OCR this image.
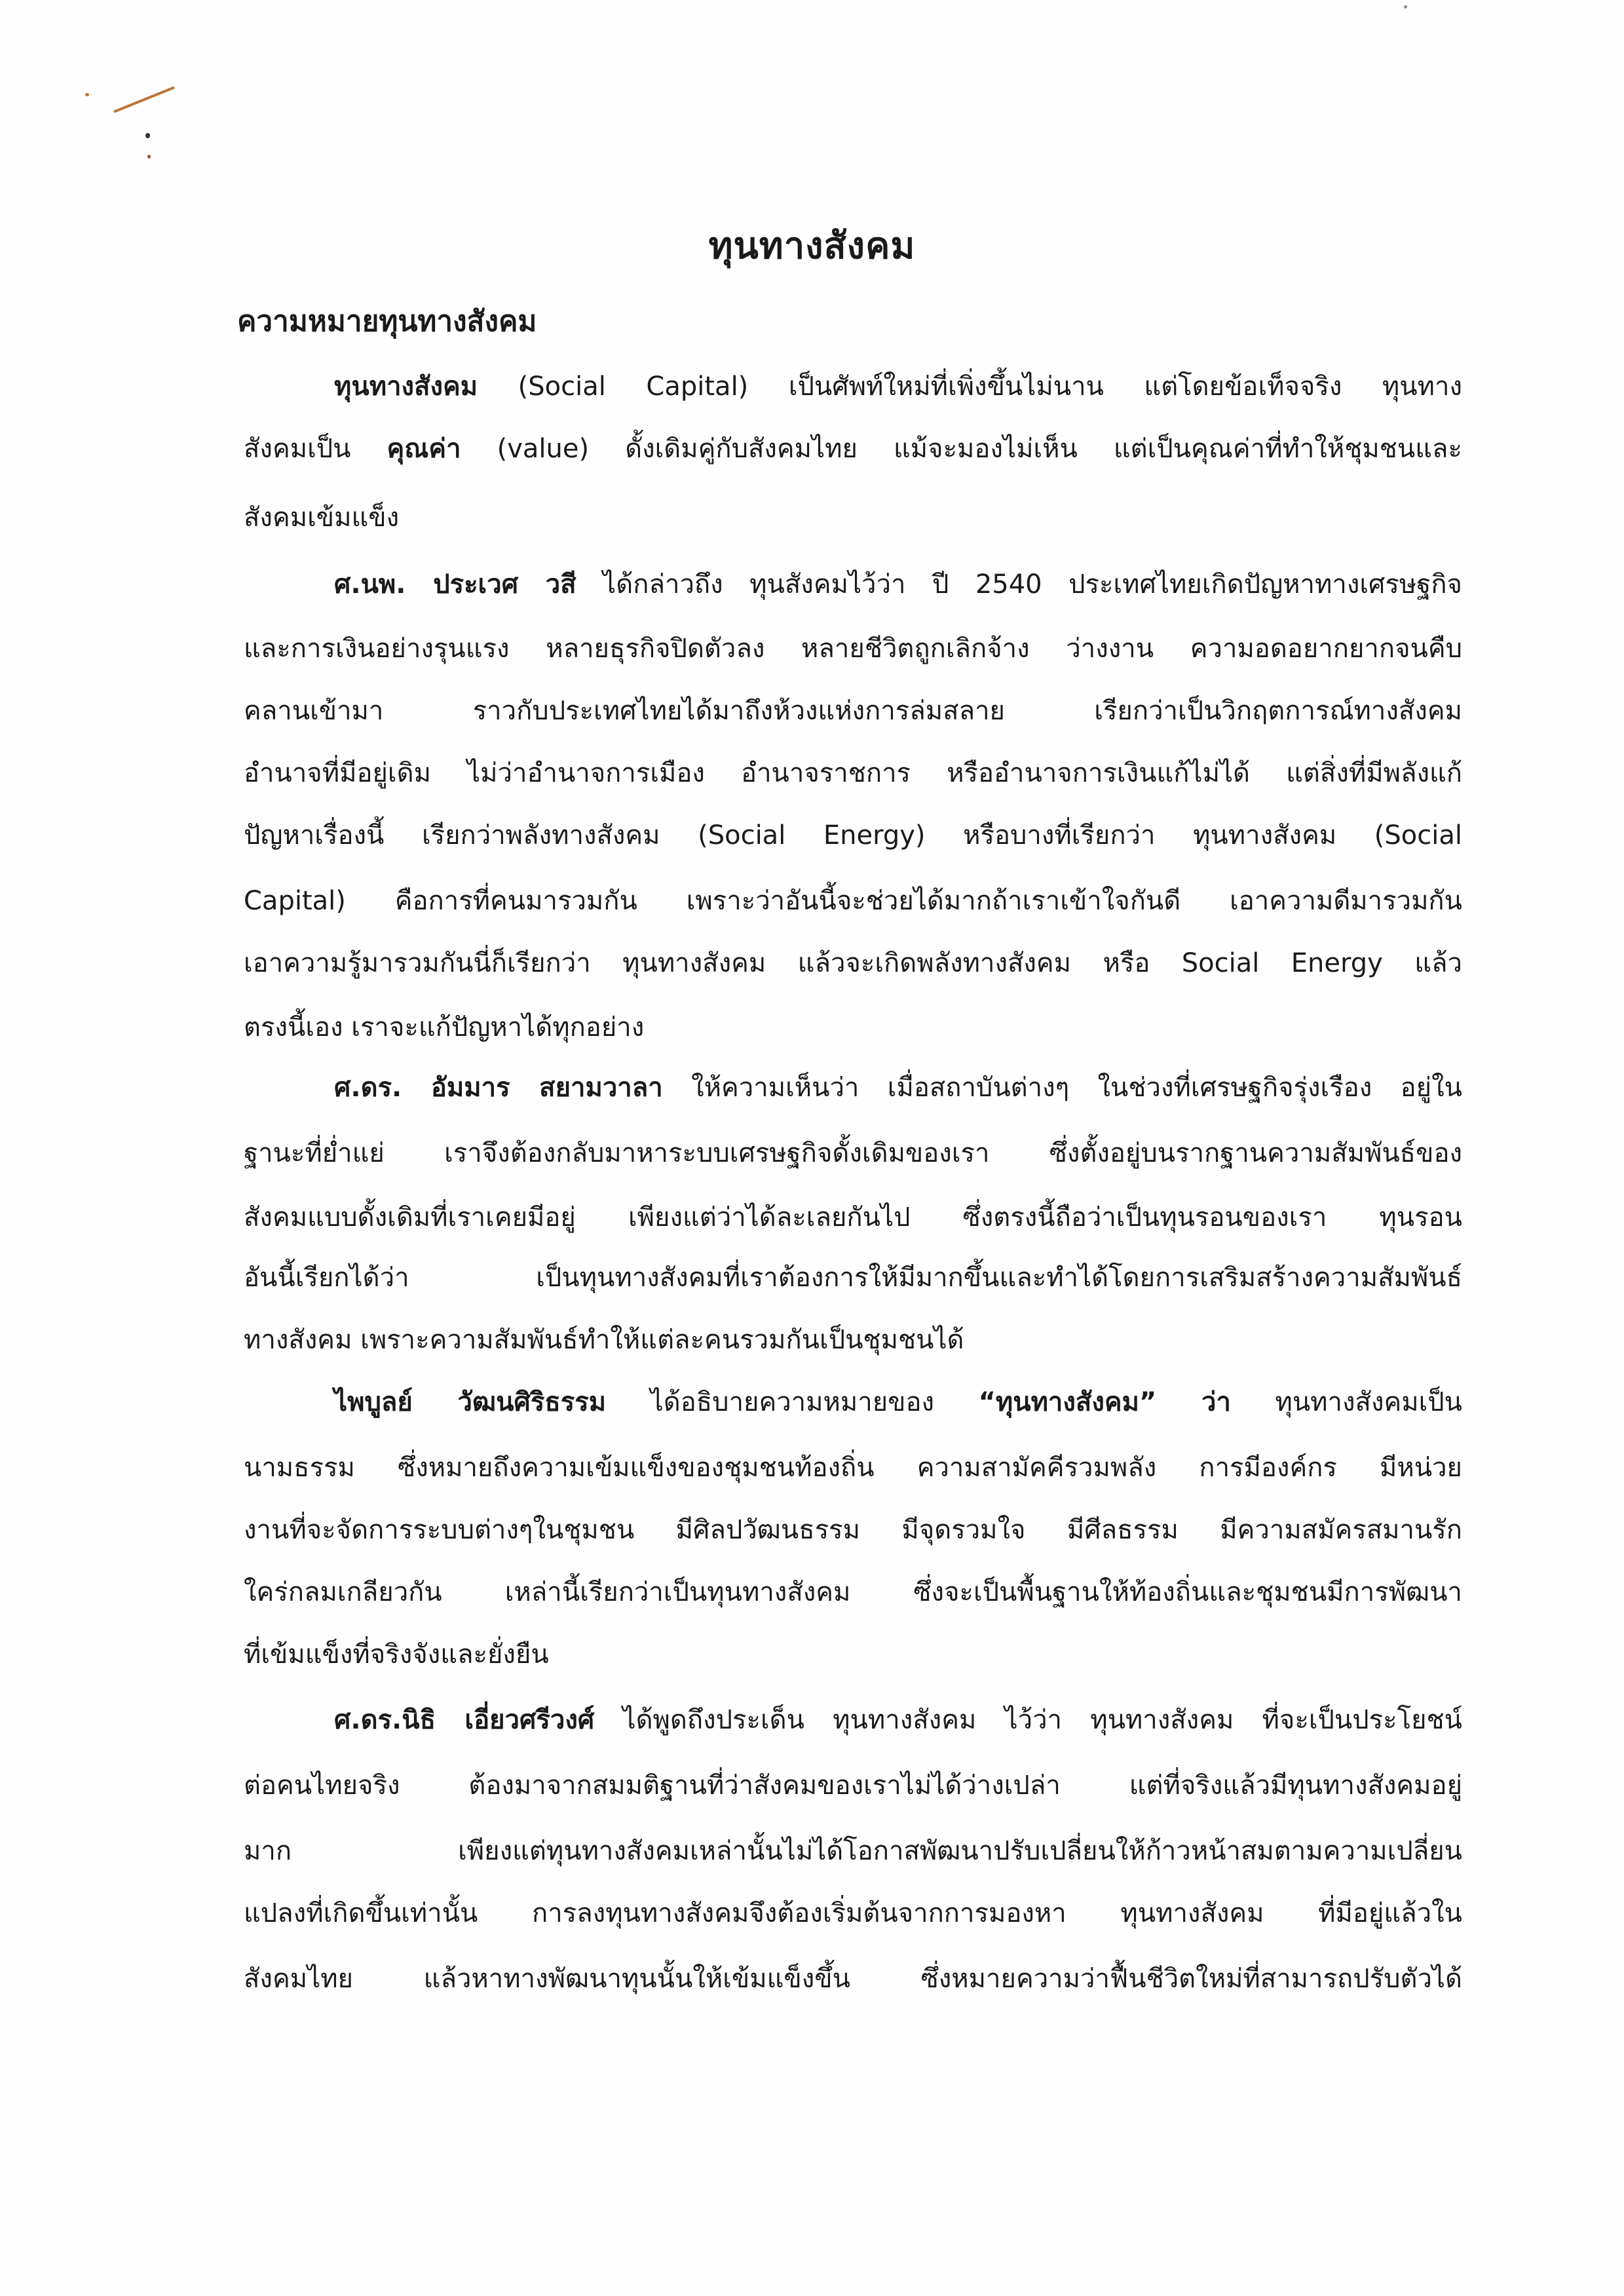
ทุนทางสังคม
ความหมายทุนทางสังคม
ทุนทางสังคม (Social Capital) เป็นศัพท์ใหม่ที่เพิ่งขึ้นไม่นาน แต่โดยข้อเท็จจริง ทุนทาง
สังคมเป็น คุณค่า (value) ดั้งเดิมคู่กับสังคมไทย แม้จะมองไม่เห็น แต่เป็นคุณค่าที่ทำให้ชุมชนและ
สังคมเข้มแข็ง
ศ.นพ. ประเวศ วสี ได้กล่าวถึง ทุนสังคมไว้ว่า ปี 2540 ประเทศไทยเกิดปัญหาทางเศรษฐกิจ
และการเงินอย่างรุนแรง หลายธุรกิจปิดตัวลง หลายชีวิตถูกเลิกจ้าง ว่างงาน ความอดอยากยากจนคืบ
คลานเข้ามา ราวกับประเทศไทยได้มาถึงห้วงแห่งการล่มสลาย เรียกว่าเป็นวิกฤตการณ์ทางสังคม
อำนาจที่มีอยู่เดิม ไม่ว่าอำนาจการเมือง อำนาจราชการ หรืออำนาจการเงินแก้ไม่ได้ แต่สิ่งที่มีพลังแก้
ปัญหาเรื่องนี้ เรียกว่าพลังทางสังคม (Social Energy) หรือบางที่เรียกว่า ทุนทางสังคม (Social
Capital) คือการที่คนมารวมกัน เพราะว่าอันนี้จะช่วยได้มากถ้าเราเข้าใจกันดี เอาความดีมารวมกัน
เอาความรู้มารวมกันนี่ก็เรียกว่า ทุนทางสังคม แล้วจะเกิดพลังทางสังคม หรือ Social Energy แล้ว
ตรงนี้เอง เราจะแก้ปัญหาได้ทุกอย่าง
ศ.ดร. อัมมาร สยามวาลา ให้ความเห็นว่า เมื่อสถาบันต่างๆ ในช่วงที่เศรษฐกิจรุ่งเรือง อยู่ใน
ฐานะที่ย่ำแย่ เราจึงต้องกลับมาหาระบบเศรษฐกิจดั้งเดิมของเรา ซึ่งตั้งอยู่บนรากฐานความสัมพันธ์ของ
สังคมแบบดั้งเดิมที่เราเคยมีอยู่ เพียงแต่ว่าได้ละเลยกันไป ซึ่งตรงนี้ถือว่าเป็นทุนรอนของเรา ทุนรอน
อันนี้เรียกได้ว่า เป็นทุนทางสังคมที่เราต้องการให้มีมากขึ้นและทำได้โดยการเสริมสร้างความสัมพันธ์
ทางสังคม เพราะความสัมพันธ์ทำให้แต่ละคนรวมกันเป็นชุมชนได้
ไพบูลย์ วัฒนศิริธรรม ได้อธิบายความหมายของ “ทุนทางสังคม” ว่า ทุนทางสังคมเป็น
นามธรรม ซึ่งหมายถึงความเข้มแข็งของชุมชนท้องถิ่น ความสามัคคีรวมพลัง การมีองค์กร มีหน่วย
งานที่จะจัดการระบบต่างๆในชุมชน มีศิลปวัฒนธรรม มีจุดรวมใจ มีศีลธรรม มีความสมัครสมานรัก
ใคร่กลมเกลียวกัน เหล่านี้เรียกว่าเป็นทุนทางสังคม ซึ่งจะเป็นพื้นฐานให้ท้องถิ่นและชุมชนมีการพัฒนา
ที่เข้มแข็งที่จริงจังและยั่งยืน
ศ.ดร.นิธิ เอี่ยวศรีวงศ์ ได้พูดถึงประเด็น ทุนทางสังคม ไว้ว่า ทุนทางสังคม ที่จะเป็นประโยชน์
ต่อคนไทยจริง ต้องมาจากสมมติฐานที่ว่าสังคมของเราไม่ได้ว่างเปล่า แต่ที่จริงแล้วมีทุนทางสังคมอยู่
มาก เพียงแต่ทุนทางสังคมเหล่านั้นไม่ได้โอกาสพัฒนาปรับเปลี่ยนให้ก้าวหน้าสมตามความเปลี่ยน
แปลงที่เกิดขึ้นเท่านั้น การลงทุนทางสังคมจึงต้องเริ่มต้นจากการมองหา ทุนทางสังคม ที่มีอยู่แล้วใน
สังคมไทย แล้วหาทางพัฒนาทุนนั้นให้เข้มแข็งขึ้น ซึ่งหมายความว่าฟื้นชีวิตใหม่ที่สามารถปรับตัวได้
